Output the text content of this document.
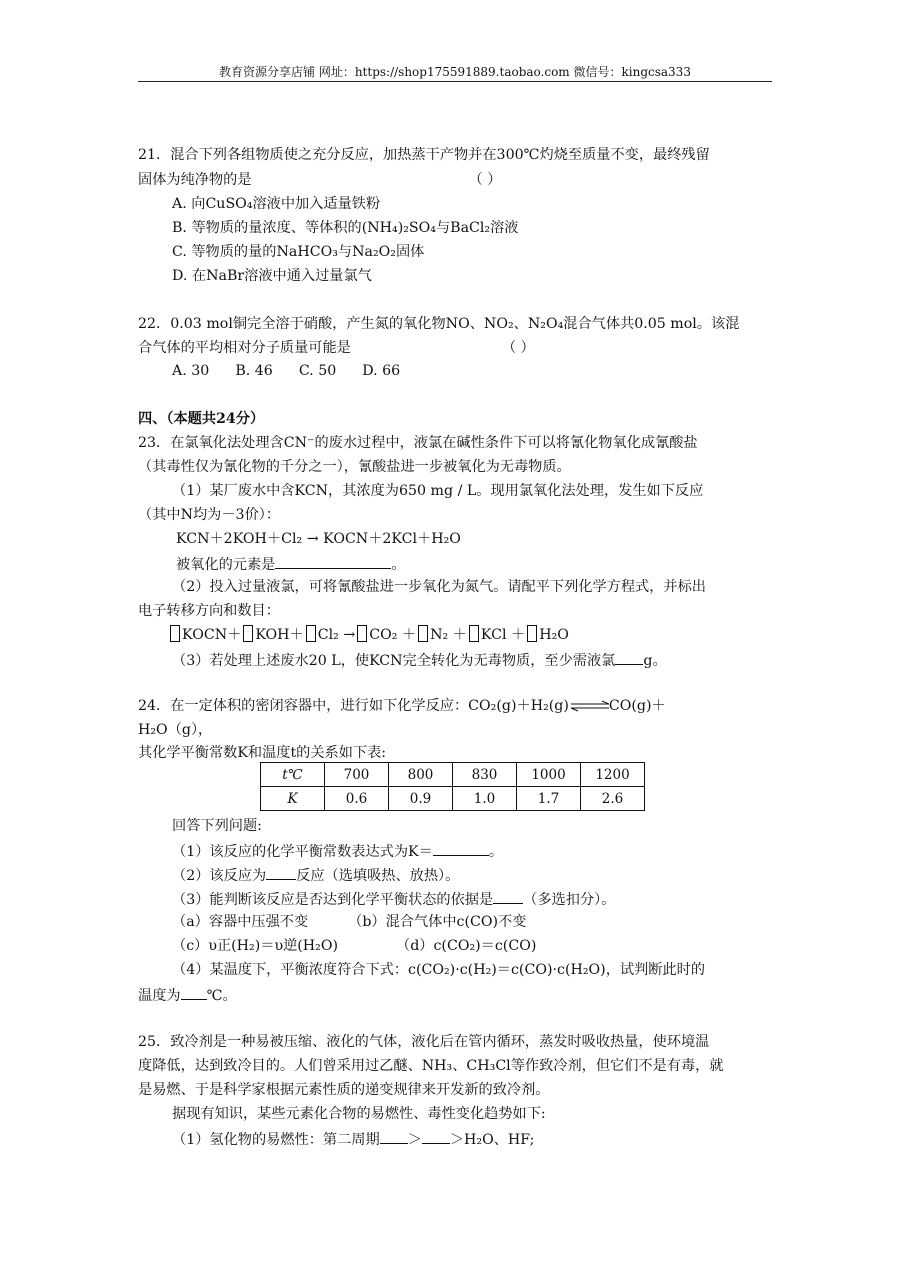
教育资源分享店铺 网址：https://shop175591889.taobao.com 微信号：kingcsa333
21．混合下列各组物质使之充分反应，加热蒸干产物并在300℃灼烧至质量不变，最终残留
固体为纯净物的是	（ ）
A. 向CuSO₄溶液中加入适量铁粉
B. 等物质的量浓度、等体积的(NH₄)₂SO₄与BaCl₂溶液
C. 等物质的量的NaHCO₃与Na₂O₂固体
D. 在NaBr溶液中通入过量氯气
22．0.03 mol铜完全溶于硝酸，产生氮的氧化物NO、NO₂、N₂O₄混合气体共0.05 mol。该混
合气体的平均相对分子质量可能是	（ ）
A. 30 B. 46 C. 50 D. 66
四、（本题共24分）
23．在氯氧化法处理含CN⁻的废水过程中，液氯在碱性条件下可以将氰化物氧化成氰酸盐
（其毒性仅为氰化物的千分之一），氰酸盐进一步被氧化为无毒物质。
（1）某厂废水中含KCN，其浓度为650 mg / L。现用氯氧化法处理，发生如下反应
（其中N均为－3价）：
KCN＋2KOH＋Cl₂ → KOCN＋2KCl＋H₂O
被氧化的元素是	。
（2）投入过量液氯，可将氰酸盐进一步氧化为氮气。请配平下列化学方程式，并标出
电子转移方向和数目：
KOCN＋ KOH＋ Cl₂ → CO₂ ＋ N₂ ＋ KCl ＋ H₂O
（3）若处理上述废水20 L，使KCN完全转化为无毒物质，至少需液氯 g。
24．在一定体积的密闭容器中，进行如下化学反应：CO₂(g)＋H₂(g)⇌CO(g)＋
H₂O（g），
其化学平衡常数K和温度t的关系如下表:
t℃	700	800	830	1000	1200
K	0.6	0.9	1.0	1.7	2.6
回答下列问题:
（1）该反应的化学平衡常数表达式为K＝	。
（2）该反应为 反应（选填吸热、放热）。
（3）能判断该反应是否达到化学平衡状态的依据是 （多选扣分）。
（a）容器中压强不变	（b）混合气体中c(CO)不变
（c）υ正(H₂)＝υ逆(H₂O)	（d）c(CO₂)＝c(CO)
（4）某温度下，平衡浓度符合下式：c(CO₂)·c(H₂)＝c(CO)·c(H₂O)，试判断此时的
温度为 ℃。
25．致冷剂是一种易被压缩、液化的气体，液化后在管内循环，蒸发时吸收热量，使环境温
度降低，达到致冷目的。人们曾采用过乙醚、NH₃、CH₃Cl等作致冷剂，但它们不是有毒，就
是易燃、于是科学家根据元素性质的递变规律来开发新的致冷剂。
据现有知识，某些元素化合物的易燃性、毒性变化趋势如下:
（1）氢化物的易燃性：第二周期 ＞ ＞H₂O、HF;
